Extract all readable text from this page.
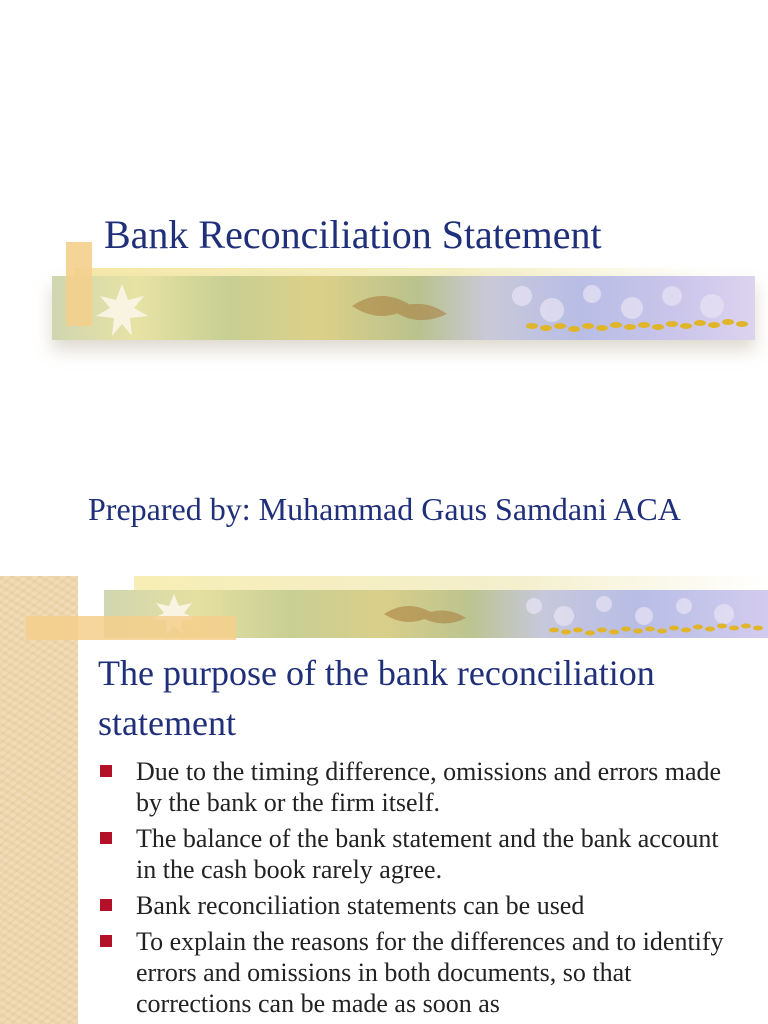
Bank Reconciliation Statement
Prepared by: Muhammad Gaus Samdani ACA
The purpose of the bank reconciliation statement
Due to the timing difference, omissions and errors made by the bank or the firm itself.
The balance of the bank statement and the bank account in the cash book rarely agree.
Bank reconciliation statements can be used
To explain the reasons for the differences and to identify errors and omissions in both documents, so that corrections can be made as soon as
